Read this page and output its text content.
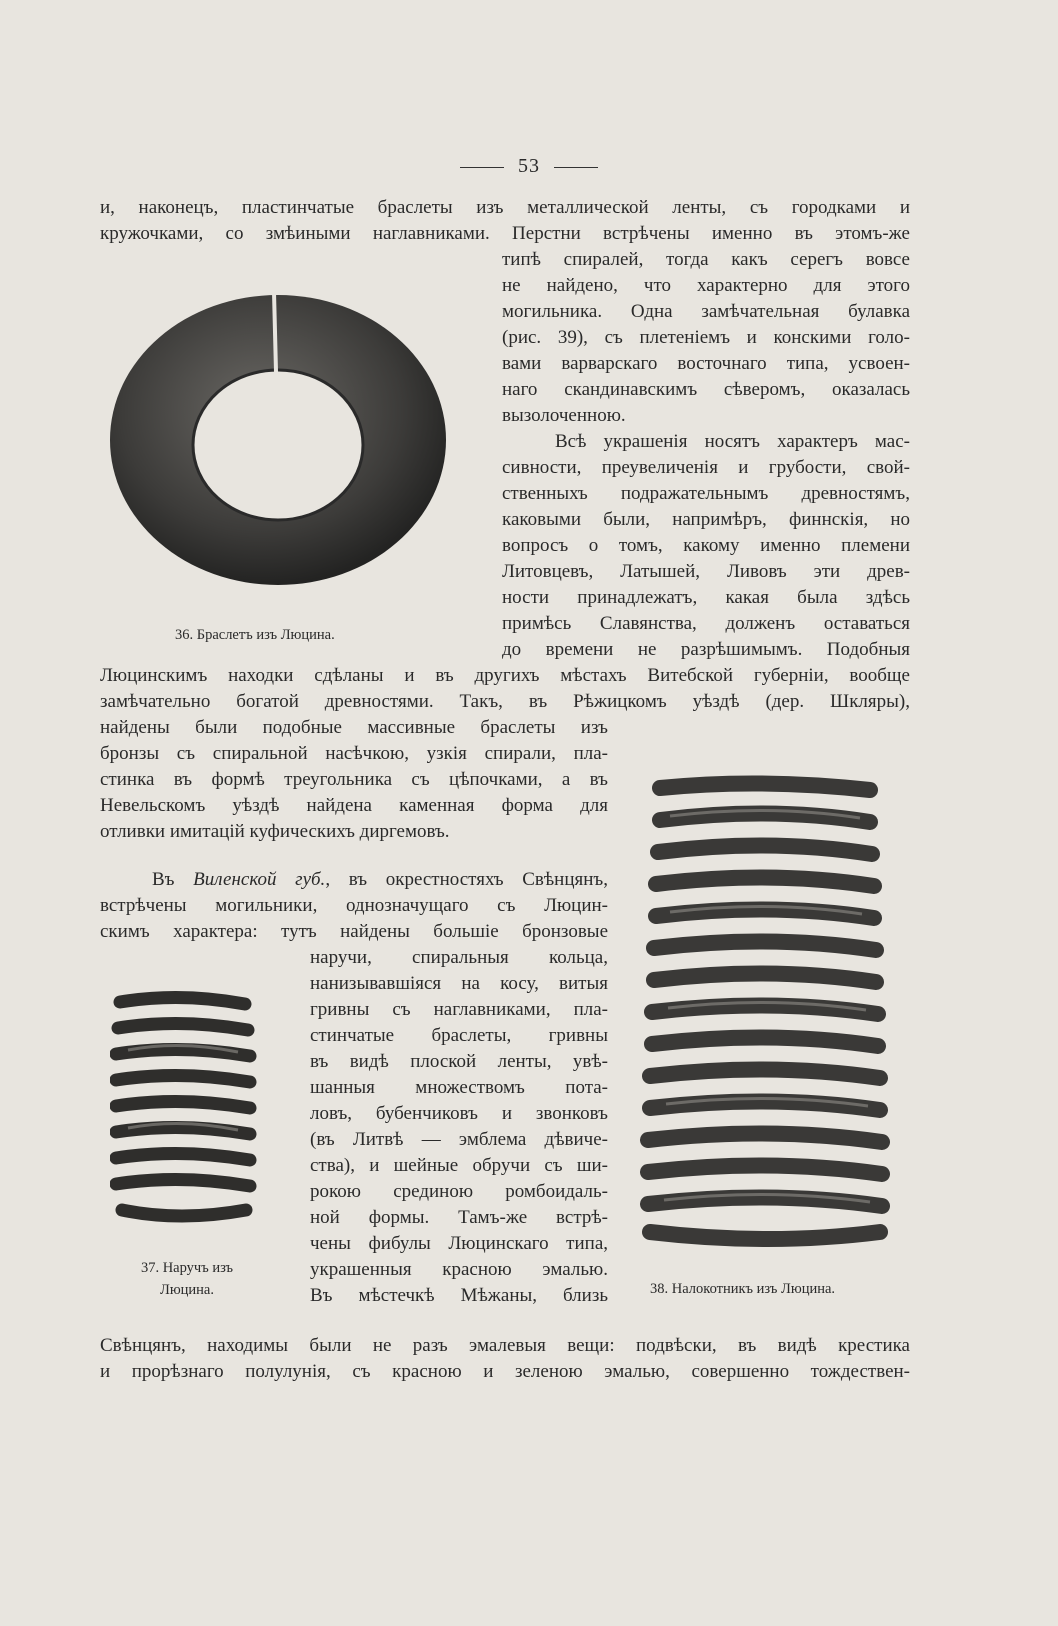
53
и, наконецъ, пластинчатые браслеты изъ металлической ленты, съ городками и
кружочками, со змѣиными наглавниками. Перстни встрѣчены именно въ этомъ-же
36. Браслетъ изъ Люцина.
типѣ спиралей, тогда какъ серегъ вовсе
не найдено, что характерно для этого
могильника. Одна замѣчательная булавка
(рис. 39), съ плетенiемъ и конскими голо-
вами варварскаго восточнаго типа, усвоен-
наго скандинавскимъ сѣверомъ, оказалась
вызолоченною.
Всѣ украшенiя носятъ характеръ мас-
сивности, преувеличенiя и грубости, свой-
ственныхъ подражательнымъ древностямъ,
каковыми были, напримѣръ, финнскiя, но
вопросъ о томъ, какому именно племени
Литовцевъ, Латышей, Ливовъ эти древ-
ности принадлежатъ, какая была здѣсь
примѣсь Славянства, долженъ оставаться
до времени не разрѣшимымъ. Подобныя
Люцинскимъ находки сдѣланы и въ другихъ мѣстахъ Витебской губернiи, вообще
замѣчательно богатой древностями. Такъ, въ Рѣжицкомъ уѣздѣ (дер. Шкляры),
найдены были подобные массивные браслеты изъ
бронзы съ спиральной насѣчкою, узкiя спирали, пла-
стинка въ формѣ треугольника съ цѣпочками, а въ
Невельскомъ уѣздѣ найдена каменная форма для
отливки имитацiй куфическихъ диргемовъ.
Въ Виленской губ., въ окрестностяхъ Свѣнцянъ,
встрѣчены могильники, однозначущаго съ Люцин-
скимъ характера: тутъ найдены большiе бронзовые
38. Налокотникъ изъ Люцина.
37. Наручъ изъ
Люцина.
наручи, спиральныя кольца,
нанизывавшiяся на косу, витыя
гривны съ наглавниками, пла-
стинчатые браслеты, гривны
въ видѣ плоской ленты, увѣ-
шанныя множествомъ пота-
ловъ, бубенчиковъ и звонковъ
(въ Литвѣ — эмблема дѣвиче-
ства), и шейные обручи съ ши-
рокою срединою ромбоидаль-
ной формы. Тамъ-же встрѣ-
чены фибулы Люцинскаго типа,
украшенныя красною эмалью.
Въ мѣстечкѣ Мѣжаны, близь
Свѣнцянъ, находимы были не разъ эмалевыя вещи: подвѣски, въ видѣ крестика
и прорѣзнаго полулунiя, съ красною и зеленою эмалью, совершенно тождествен-
